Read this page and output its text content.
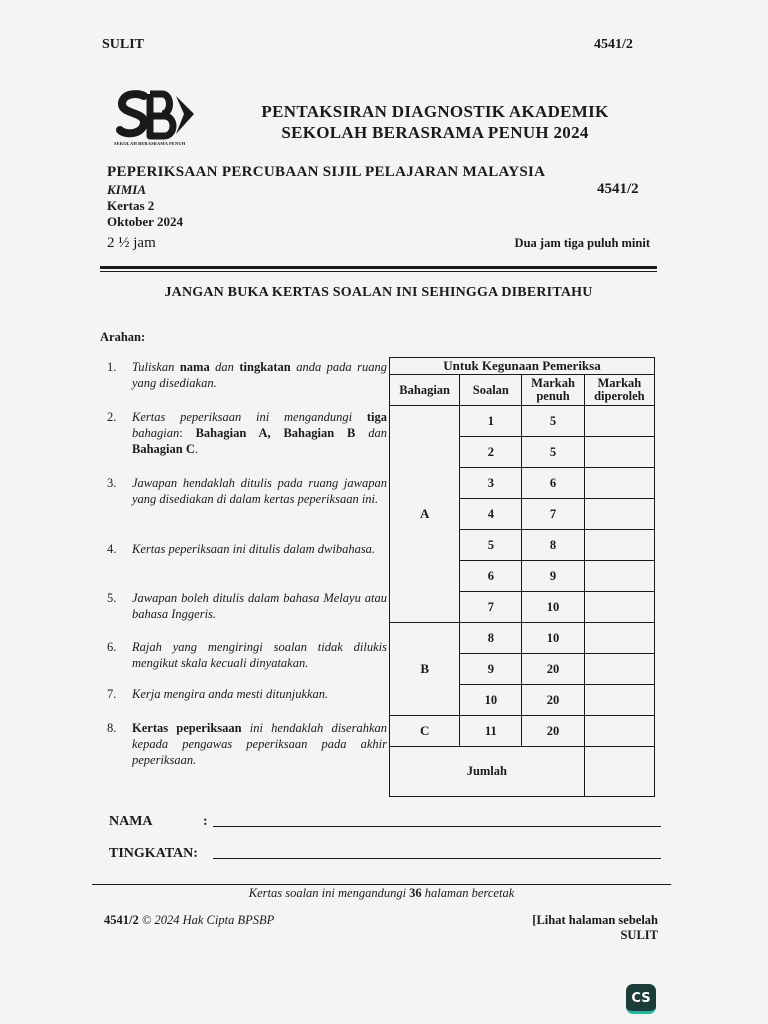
SULIT	4541/2
SEKOLAH BERASRAMA PENUH
PENTAKSIRAN DIAGNOSTIK AKADEMIK
SEKOLAH BERASRAMA PENUH 2024
PEPERIKSAAN PERCUBAAN SIJIL PELAJARAN MALAYSIA
KIMIA	4541/2
Kertas 2
Oktober 2024
2 ½ jam	Dua jam tiga puluh minit
JANGAN BUKA KERTAS SOALAN INI SEHINGGA DIBERITAHU
Arahan:
1. Tuliskan nama dan tingkatan anda pada ruang yang disediakan.
2. Kertas peperiksaan ini mengandungi tiga bahagian: Bahagian A, Bahagian B dan Bahagian C.
3. Jawapan hendaklah ditulis pada ruang jawapan yang disediakan di dalam kertas peperiksaan ini.
4. Kertas peperiksaan ini ditulis dalam dwibahasa.
5. Jawapan boleh ditulis dalam bahasa Melayu atau bahasa Inggeris.
6. Rajah yang mengiringi soalan tidak dilukis mengikut skala kecuali dinyatakan.
7. Kerja mengira anda mesti ditunjukkan.
8. Kertas peperiksaan ini hendaklah diserahkan kepada pengawas peperiksaan pada akhir peperiksaan.
Untuk Kegunaan Pemeriksa			
Bahagian	Soalan	Markah penuh	Markah diperoleh
A	1	5	
	2	5	
	3	6	
	4	7	
	5	8	
	6	9	
	7	10	
B	8	10	
	9	20	
	10	20	
C	11	20	
Jumlah			
NAMA	:
TINGKATAN:
Kertas soalan ini mengandungi 36 halaman bercetak
4541/2 © 2024 Hak Cipta BPSBP	[Lihat halaman sebelah
SULIT
CS
